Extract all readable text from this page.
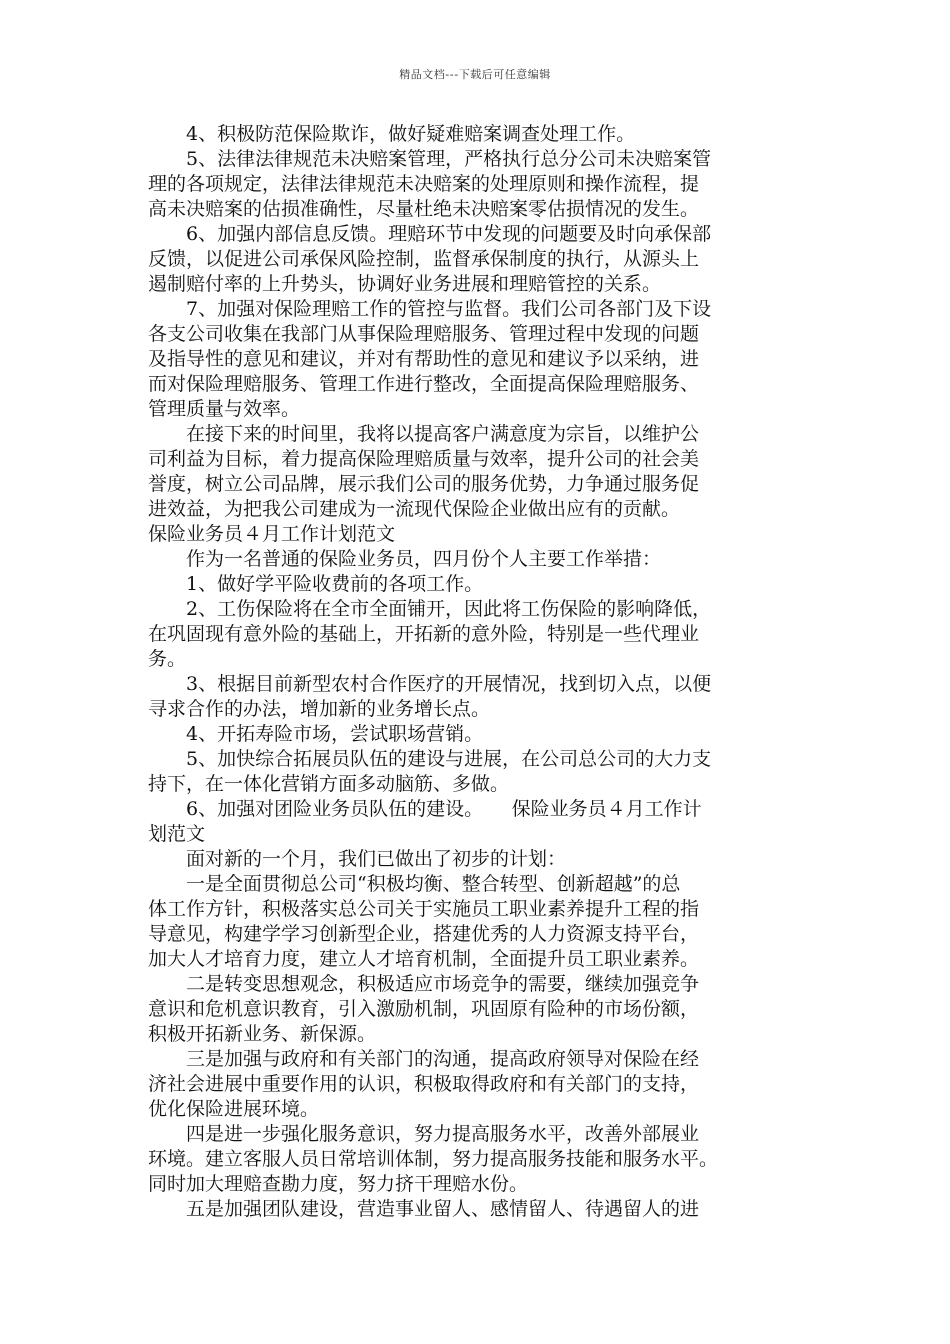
精品文档---下载后可任意编辑
4、积极防范保险欺诈，做好疑难赔案调查处理工作。
5、法律法律规范未决赔案管理，严格执行总分公司未决赔案管
理的各项规定，法律法律规范未决赔案的处理原则和操作流程，提
高未决赔案的估损准确性，尽量杜绝未决赔案零估损情况的发生。
6、加强内部信息反馈。理赔环节中发现的问题要及时向承保部
反馈，以促进公司承保风险控制，监督承保制度的执行，从源头上
遏制赔付率的上升势头，协调好业务进展和理赔管控的关系。
7、加强对保险理赔工作的管控与监督。我们公司各部门及下设
各支公司收集在我部门从事保险理赔服务、管理过程中发现的问题
及指导性的意见和建议，并对有帮助性的意见和建议予以采纳，进
而对保险理赔服务、管理工作进行整改，全面提高保险理赔服务、
管理质量与效率。
在接下来的时间里，我将以提高客户满意度为宗旨，以维护公
司利益为目标，着力提高保险理赔质量与效率，提升公司的社会美
誉度，树立公司品牌，展示我们公司的服务优势，力争通过服务促
进效益，为把我公司建成为一流现代保险企业做出应有的贡献。
保险业务员４月工作计划范文
作为一名普通的保险业务员，四月份个人主要工作举措：
1、做好学平险收费前的各项工作。
2、工伤保险将在全市全面铺开，因此将工伤保险的影响降低，
在巩固现有意外险的基础上，开拓新的意外险，特别是一些代理业
务。
3、根据目前新型农村合作医疗的开展情况，找到切入点，以便
寻求合作的办法，增加新的业务增长点。
4、开拓寿险市场，尝试职场营销。
5、加快综合拓展员队伍的建设与进展，在公司总公司的大力支
持下，在一体化营销方面多动脑筋、多做。
6、加强对团险业务员队伍的建设。　　保险业务员４月工作计
划范文
面对新的一个月，我们已做出了初步的计划：
一是全面贯彻总公司“积极均衡、整合转型、创新超越”的总
体工作方针，积极落实总公司关于实施员工职业素养提升工程的指
导意见，构建学学习创新型企业，搭建优秀的人力资源支持平台，
加大人才培育力度，建立人才培育机制，全面提升员工职业素养。
二是转变思想观念，积极适应市场竞争的需要，继续加强竞争
意识和危机意识教育，引入激励机制，巩固原有险种的市场份额，
积极开拓新业务、新保源。
三是加强与政府和有关部门的沟通，提高政府领导对保险在经
济社会进展中重要作用的认识，积极取得政府和有关部门的支持，
优化保险进展环境。
四是进一步强化服务意识，努力提高服务水平，改善外部展业
环境。建立客服人员日常培训体制，努力提高服务技能和服务水平。
同时加大理赔查勘力度，努力挤干理赔水份。
五是加强团队建设，营造事业留人、感情留人、待遇留人的进
